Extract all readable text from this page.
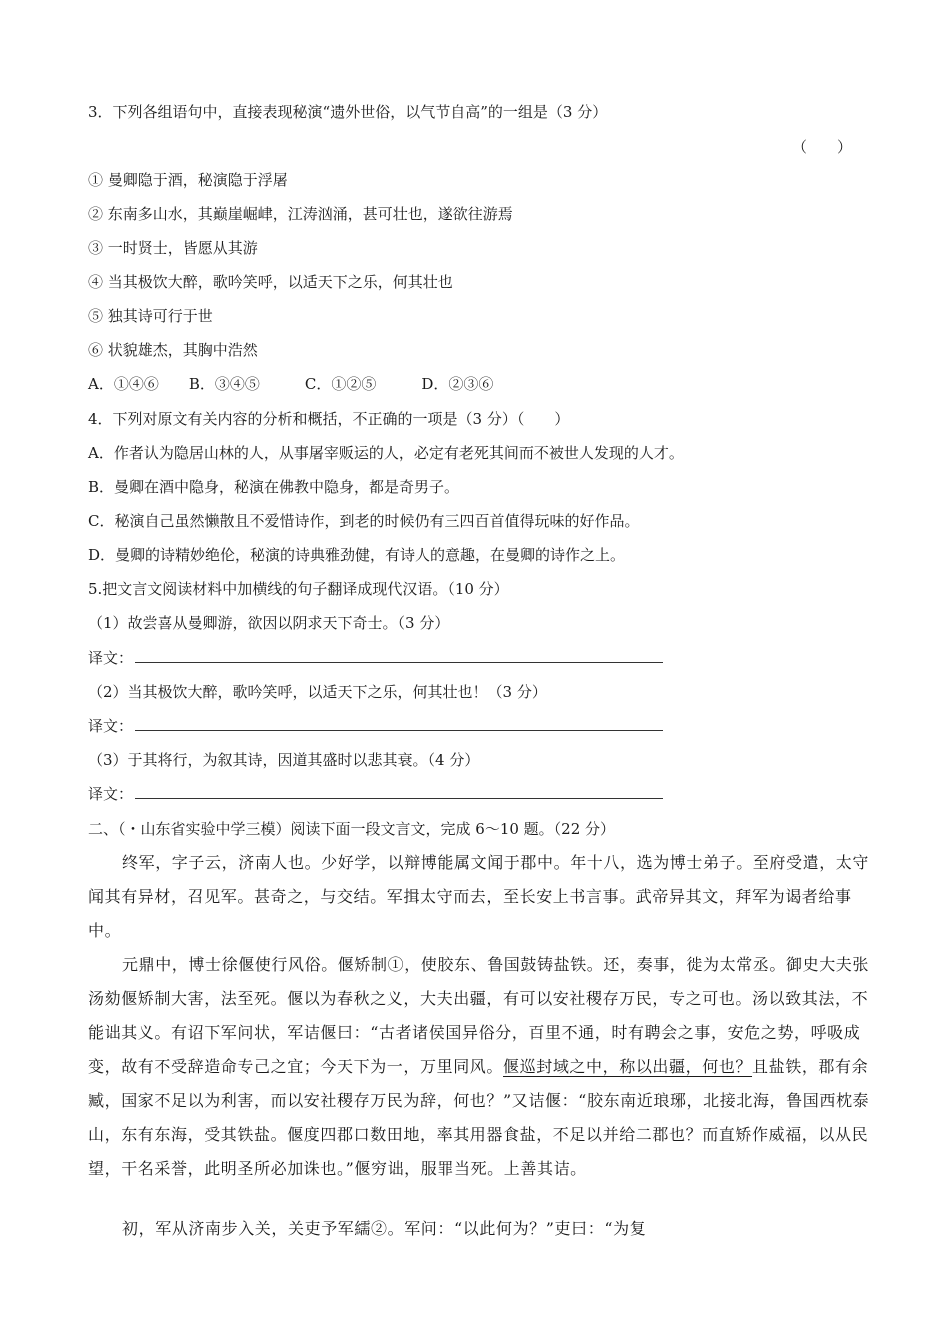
3．下列各组语句中，直接表现秘演“遗外世俗，以气节自高”的一组是（3 分）
（　　）
① 曼卿隐于酒，秘演隐于浮屠
② 东南多山水，其巅崖崛峍，江涛汹涌，甚可壮也，遂欲往游焉
③ 一时贤士，皆愿从其游
④ 当其极饮大醉，歌吟笑呼，以适天下之乐，何其壮也
⑤ 独其诗可行于世
⑥ 状貌雄杰，其胸中浩然
A．①④⑥　　B．③④⑤　　　C．①②⑤　　　D．②③⑥
4．下列对原文有关内容的分析和概括，不正确的一项是（3 分）（　　）
A．作者认为隐居山林的人，从事屠宰贩运的人，必定有老死其间而不被世人发现的人才。
B．曼卿在酒中隐身，秘演在佛教中隐身，都是奇男子。
C．秘演自己虽然懒散且不爱惜诗作，到老的时候仍有三四百首值得玩味的好作品。
D．曼卿的诗精妙绝伦，秘演的诗典雅劲健，有诗人的意趣，在曼卿的诗作之上。
5.把文言文阅读材料中加横线的句子翻译成现代汉语。（10 分）
（1）故尝喜从曼卿游，欲因以阴求天下奇士。（3 分）
译文：
（2）当其极饮大醉，歌吟笑呼，以适天下之乐，何其壮也！（3 分）
译文：
（3）于其将行，为叙其诗，因道其盛时以悲其衰。（4 分）
译文：
二、（・山东省实验中学三模）阅读下面一段文言文，完成 6～10 题。（22 分）
终军，字子云，济南人也。少好学，以辩博能属文闻于郡中。年十八，选为博士弟子。至府受遣，太守闻其有异材，召见军。甚奇之，与交结。军揖太守而去，至长安上书言事。武帝异其文，拜军为谒者给事中。
元鼎中，博士徐偃使行风俗。偃矫制①，使胶东、鲁国鼓铸盐铁。还，奏事，徙为太常丞。御史大夫张汤劾偃矫制大害，法至死。偃以为春秋之义，大夫出疆，有可以安社稷存万民，专之可也。汤以致其法，不能诎其义。有诏下军问状，军诘偃曰：“古者诸侯国异俗分，百里不通，时有聘会之事，安危之势，呼吸成变，故有不受辞造命专己之宜；今天下为一，万里同风。偃巡封域之中，称以出疆，何也？且盐铁，郡有余臧，国家不足以为利害，而以安社稷存万民为辞，何也？”又诘偃：“胶东南近琅琊，北接北海，鲁国西枕泰山，东有东海，受其铁盐。偃度四郡口数田地，率其用器食盐，不足以并给二郡也？而直矫作威福，以从民望，干名采誉，此明圣所必加诛也。”偃穷诎，服罪当死。上善其诘。
初，军从济南步入关，关吏予军繻②。军问：“以此何为？”吏曰：“为复
